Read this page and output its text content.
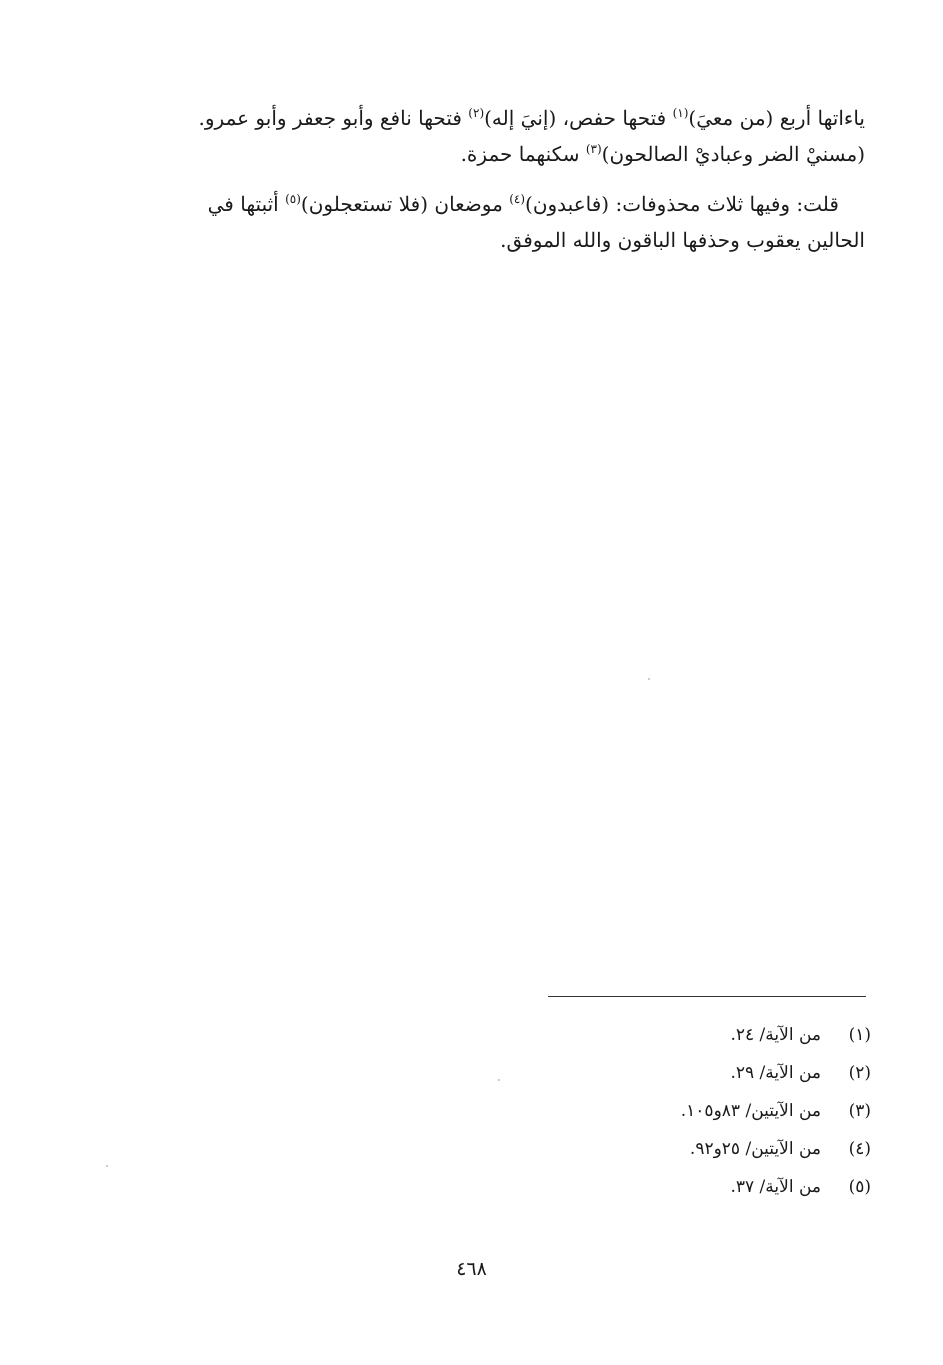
ياءاتها أربع (من معيَ)$^{(١)}$ فتحها حفص، (إنيَ إله)$^{(٢)}$ فتحها نافع وأبو جعفر وأبو عمرو.
(مسنيْ الضر وعباديْ الصالحون)$^{(٣)}$ سكنهما حمزة.

قلت: وفيها ثلاث محذوفات: (فاعبدون)$^{(٤)}$ موضعان (فلا تستعجلون)$^{(٥)}$ أثبتها في
الحالين يعقوب وحذفها الباقون والله الموفق.

(١)من الآية/ ٢٤.
(٢)من الآية/ ٢٩.
(٣)من الآيتين/ ٨٣و١٠٥.
(٤)من الآيتين/ ٢٥و٩٢.
(٥)من الآية/ ٣٧.
٤٦٨
